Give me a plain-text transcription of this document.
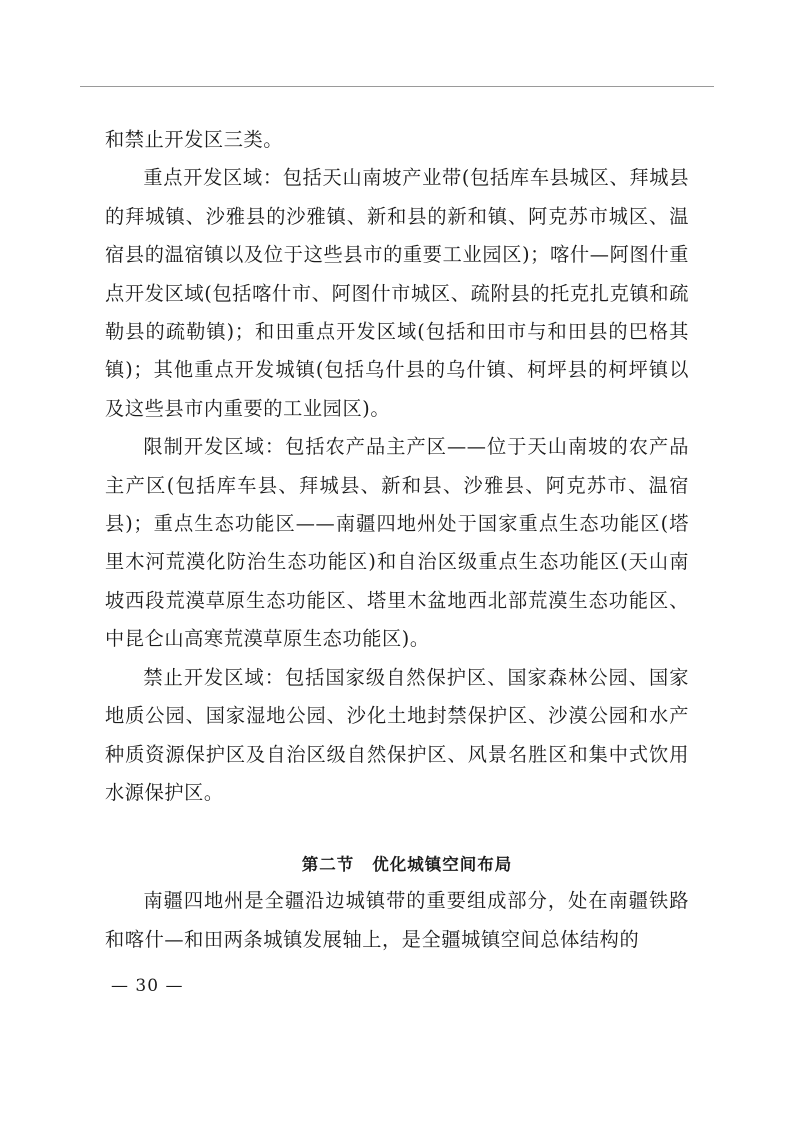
和禁止开发区三类。

重点开发区域：包括天山南坡产业带(包括库车县城区、拜城县的拜城镇、沙雅县的沙雅镇、新和县的新和镇、阿克苏市城区、温宿县的温宿镇以及位于这些县市的重要工业园区)；喀什—阿图什重点开发区域(包括喀什市、阿图什市城区、疏附县的托克扎克镇和疏勒县的疏勒镇)；和田重点开发区域(包括和田市与和田县的巴格其镇)；其他重点开发城镇(包括乌什县的乌什镇、柯坪县的柯坪镇以及这些县市内重要的工业园区)。

限制开发区域：包括农产品主产区——位于天山南坡的农产品主产区(包括库车县、拜城县、新和县、沙雅县、阿克苏市、温宿县)；重点生态功能区——南疆四地州处于国家重点生态功能区(塔里木河荒漠化防治生态功能区)和自治区级重点生态功能区(天山南坡西段荒漠草原生态功能区、塔里木盆地西北部荒漠生态功能区、中昆仑山高寒荒漠草原生态功能区)。

禁止开发区域：包括国家级自然保护区、国家森林公园、国家地质公园、国家湿地公园、沙化土地封禁保护区、沙漠公园和水产种质资源保护区及自治区级自然保护区、风景名胜区和集中式饮用水源保护区。

第二节 优化城镇空间布局

南疆四地州是全疆沿边城镇带的重要组成部分，处在南疆铁路和喀什—和田两条城镇发展轴上，是全疆城镇空间总体结构的

— 30 —
